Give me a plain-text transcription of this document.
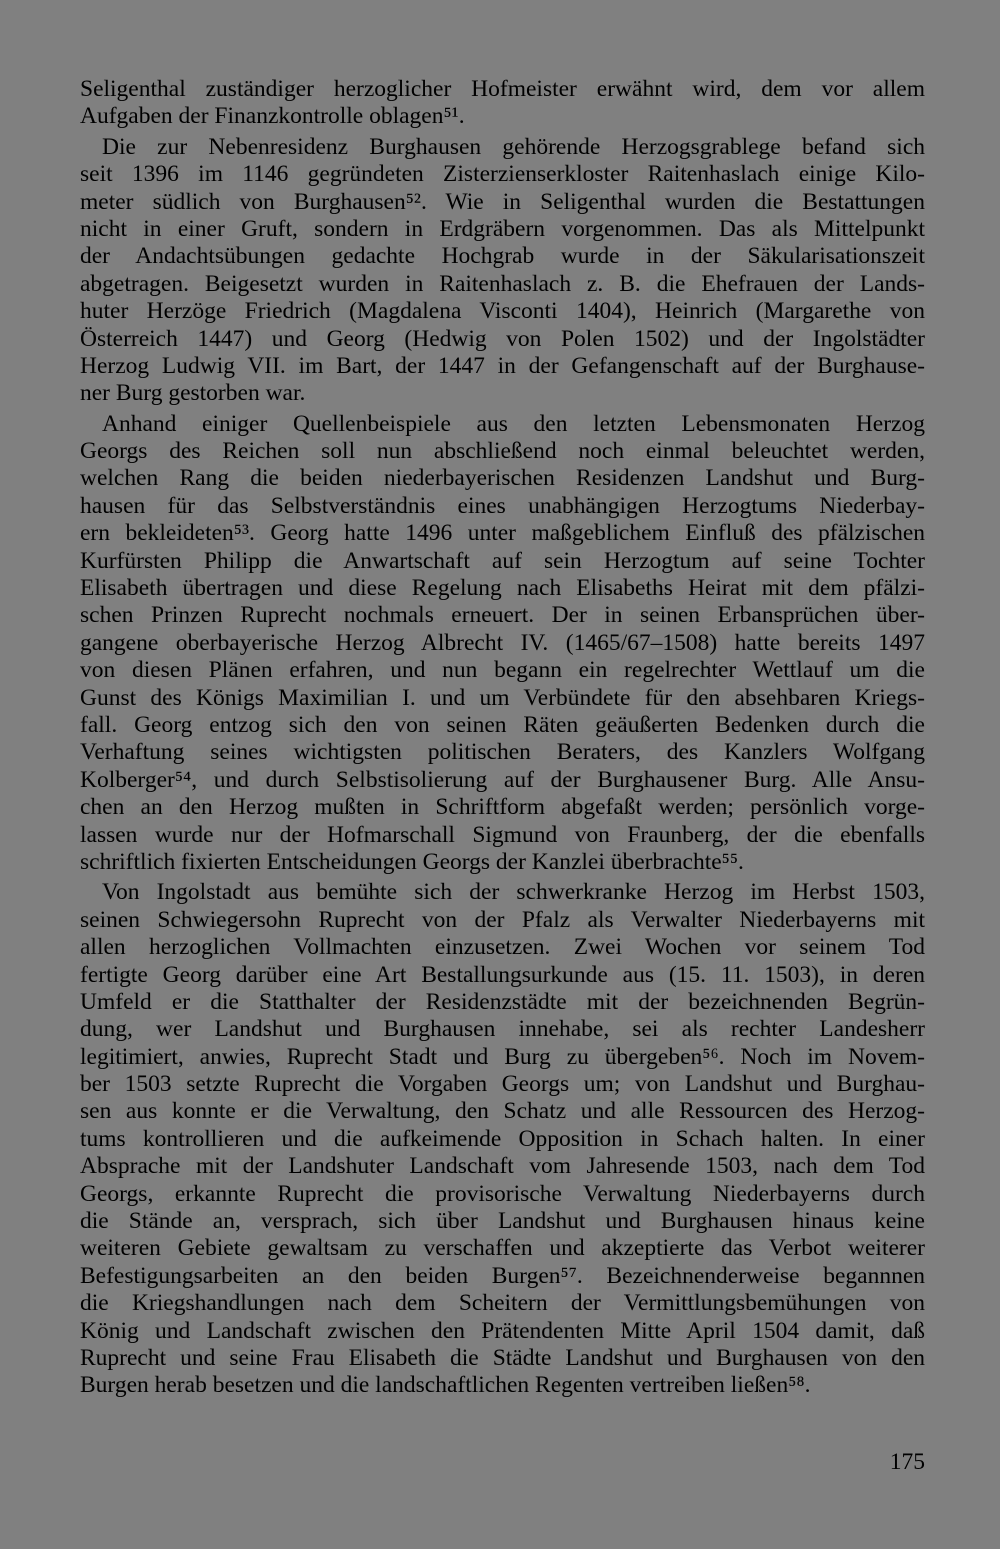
Seligenthal zuständiger herzoglicher Hofmeister erwähnt wird, dem vor allem
Aufgaben der Finanzkontrolle oblagen⁵¹.
Die zur Nebenresidenz Burghausen gehörende Herzogsgrablege befand sich
seit 1396 im 1146 gegründeten Zisterzienserkloster Raitenhaslach einige Kilo-
meter südlich von Burghausen⁵². Wie in Seligenthal wurden die Bestattungen
nicht in einer Gruft, sondern in Erdgräbern vorgenommen. Das als Mittelpunkt
der Andachtsübungen gedachte Hochgrab wurde in der Säkularisationszeit
abgetragen. Beigesetzt wurden in Raitenhaslach z. B. die Ehefrauen der Lands-
huter Herzöge Friedrich (Magdalena Visconti 1404), Heinrich (Margarethe von
Österreich 1447) und Georg (Hedwig von Polen 1502) und der Ingolstädter
Herzog Ludwig VII. im Bart, der 1447 in der Gefangenschaft auf der Burghause-
ner Burg gestorben war.
Anhand einiger Quellenbeispiele aus den letzten Lebensmonaten Herzog
Georgs des Reichen soll nun abschließend noch einmal beleuchtet werden,
welchen Rang die beiden niederbayerischen Residenzen Landshut und Burg-
hausen für das Selbstverständnis eines unabhängigen Herzogtums Niederbay-
ern bekleideten⁵³. Georg hatte 1496 unter maßgeblichem Einfluß des pfälzischen
Kurfürsten Philipp die Anwartschaft auf sein Herzogtum auf seine Tochter
Elisabeth übertragen und diese Regelung nach Elisabeths Heirat mit dem pfälzi-
schen Prinzen Ruprecht nochmals erneuert. Der in seinen Erbansprüchen über-
gangene oberbayerische Herzog Albrecht IV. (1465/67–1508) hatte bereits 1497
von diesen Plänen erfahren, und nun begann ein regelrechter Wettlauf um die
Gunst des Königs Maximilian I. und um Verbündete für den absehbaren Kriegs-
fall. Georg entzog sich den von seinen Räten geäußerten Bedenken durch die
Verhaftung seines wichtigsten politischen Beraters, des Kanzlers Wolfgang
Kolberger⁵⁴, und durch Selbstisolierung auf der Burghausener Burg. Alle Ansu-
chen an den Herzog mußten in Schriftform abgefaßt werden; persönlich vorge-
lassen wurde nur der Hofmarschall Sigmund von Fraunberg, der die ebenfalls
schriftlich fixierten Entscheidungen Georgs der Kanzlei überbrachte⁵⁵.
Von Ingolstadt aus bemühte sich der schwerkranke Herzog im Herbst 1503,
seinen Schwiegersohn Ruprecht von der Pfalz als Verwalter Niederbayerns mit
allen herzoglichen Vollmachten einzusetzen. Zwei Wochen vor seinem Tod
fertigte Georg darüber eine Art Bestallungsurkunde aus (15. 11. 1503), in deren
Umfeld er die Statthalter der Residenzstädte mit der bezeichnenden Begrün-
dung, wer Landshut und Burghausen innehabe, sei als rechter Landesherr
legitimiert, anwies, Ruprecht Stadt und Burg zu übergeben⁵⁶. Noch im Novem-
ber 1503 setzte Ruprecht die Vorgaben Georgs um; von Landshut und Burghau-
sen aus konnte er die Verwaltung, den Schatz und alle Ressourcen des Herzog-
tums kontrollieren und die aufkeimende Opposition in Schach halten. In einer
Absprache mit der Landshuter Landschaft vom Jahresende 1503, nach dem Tod
Georgs, erkannte Ruprecht die provisorische Verwaltung Niederbayerns durch
die Stände an, versprach, sich über Landshut und Burghausen hinaus keine
weiteren Gebiete gewaltsam zu verschaffen und akzeptierte das Verbot weiterer
Befestigungsarbeiten an den beiden Burgen⁵⁷. Bezeichnenderweise begannnen
die Kriegshandlungen nach dem Scheitern der Vermittlungsbemühungen von
König und Landschaft zwischen den Prätendenten Mitte April 1504 damit, daß
Ruprecht und seine Frau Elisabeth die Städte Landshut und Burghausen von den
Burgen herab besetzen und die landschaftlichen Regenten vertreiben ließen⁵⁸.
175
